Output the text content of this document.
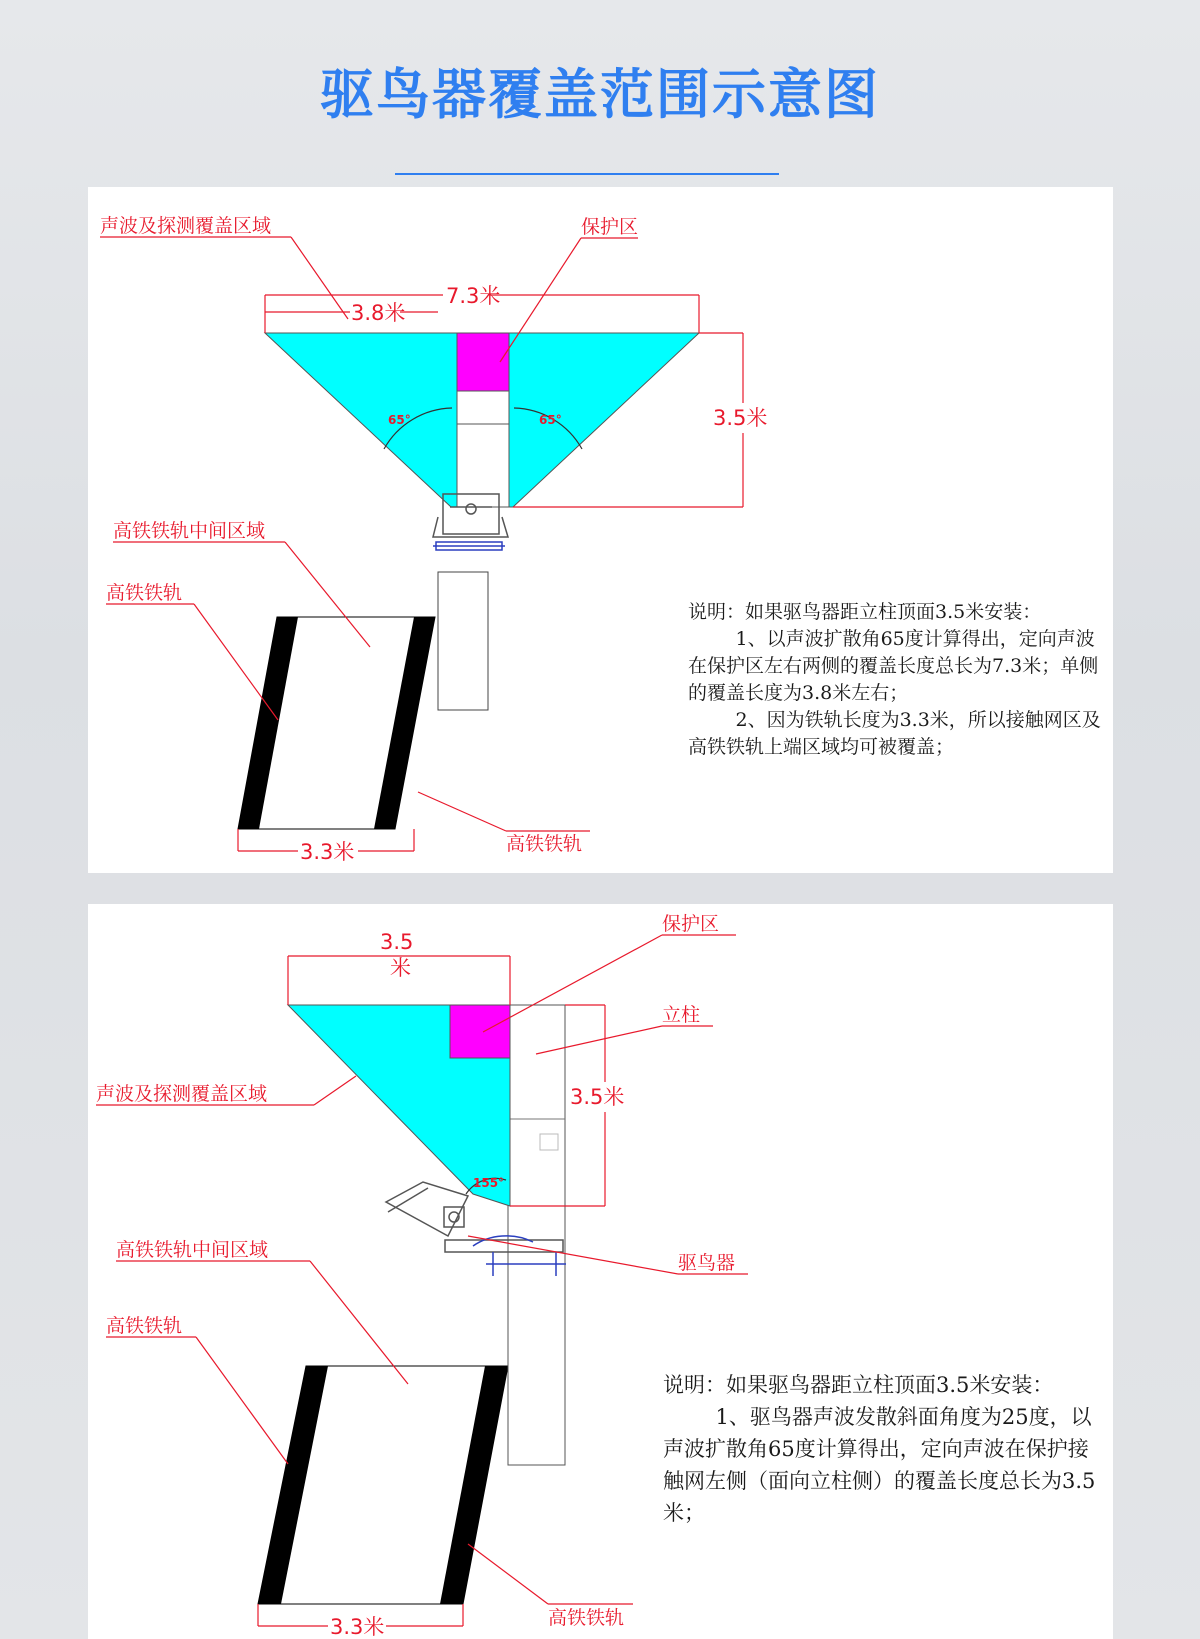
驱鸟器覆盖范围示意图
65°	65°
7.3米
3.8米
3.5米
3.3米
声波及探测覆盖区域	保护区
高铁铁轨中间区域
高铁铁轨
高铁铁轨

说明：如果驱鸟器距立柱顶面3.5米安装：

1、以声波扩散角65度计算得出，定向声波在保护区左右两侧的覆盖长度总长为7.3米；单侧的覆盖长度为3.8米左右；

2、因为铁轨长度为3.3米，所以接触网区及高铁铁轨上端区域均可被覆盖；

155°
3.5
米
3.5米
3.3米
保护区
立柱
声波及探测覆盖区域
高铁铁轨中间区域
高铁铁轨
驱鸟器
高铁铁轨

说明：如果驱鸟器距立柱顶面3.5米安装：

1、驱鸟器声波发散斜面角度为25度，以声波扩散角65度计算得出，定向声波在保护接触网左侧（面向立柱侧）的覆盖长度总长为3.5米；
